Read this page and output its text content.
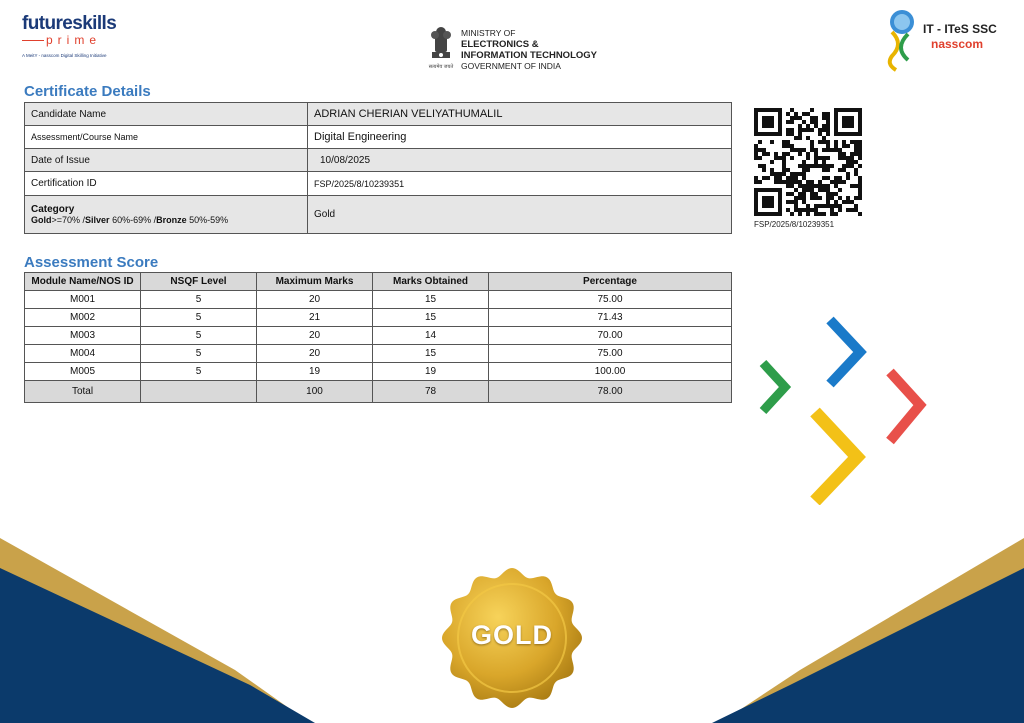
futureskills
prime
A MeitY - nasscom Digital Skilling Initiative
सत्यमेव जयते
MINISTRY OF
ELECTRONICS &
INFORMATION TECHNOLOGY
GOVERNMENT OF INDIA
IT - ITeS SSC
nasscom
Certificate Details
Candidate Name	ADRIAN CHERIAN VELIYATHUMALIL
Assessment/Course Name	Digital Engineering
Date of Issue	10/08/2025
Certification ID	FSP/2025/8/10239351

Category
Gold>=70% /Silver 60%-69% /Bronze 50%-59%	Gold
FSP/2025/8/10239351
Assessment Score
Module Name/NOS ID	NSQF Level	Maximum Marks	Marks Obtained	Percentage
M001	5	20	15	75.00
M002	5	21	15	71.43
M003	5	20	14	70.00
M004	5	20	15	75.00
M005	5	19	19	100.00
Total		100	78	78.00
GOLD
